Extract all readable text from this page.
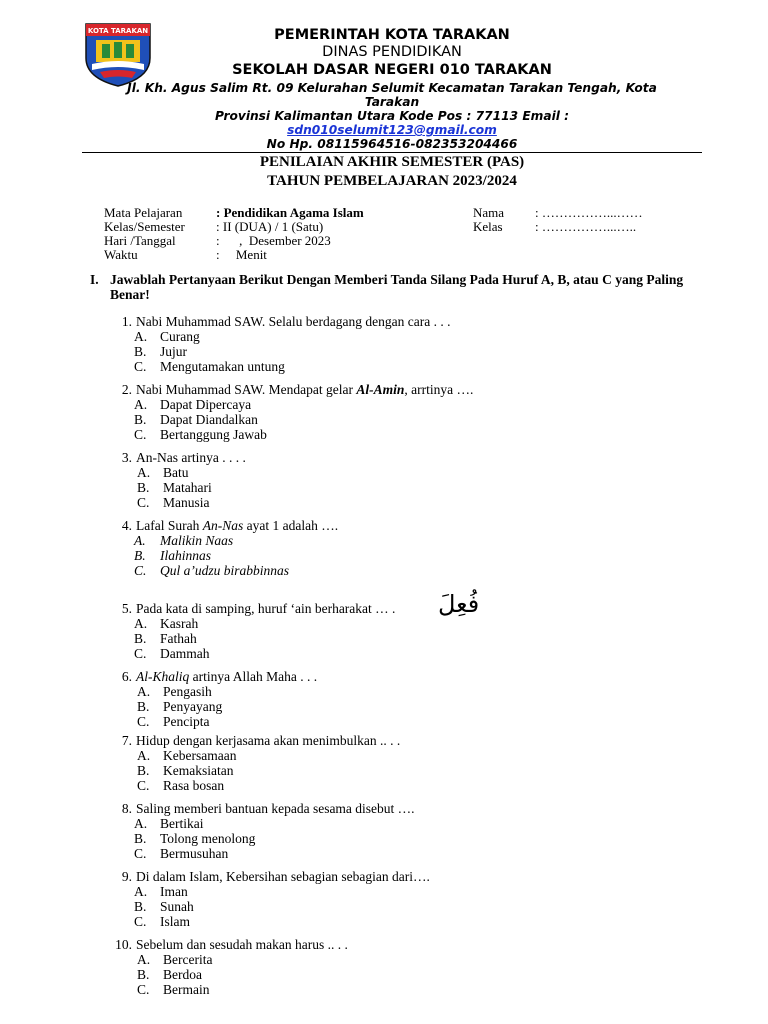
KOTA TARAKAN	PEMERINTAH KOTA TARAKAN
DINAS PENDIDIKAN
SEKOLAH DASAR NEGERI 010 TARAKAN
Jl. Kh. Agus Salim Rt. 09 Kelurahan Selumit Kecamatan Tarakan Tengah, Kota
Tarakan
Provinsi Kalimantan Utara Kode Pos : 77113 Email :
sdn010selumit123@gmail.com
No Hp. 08115964516-082353204466
PENILAIAN AKHIR SEMESTER (PAS)
TAHUN PEMBELAJARAN 2023/2024
Mata Pelajaran	: Pendidikan Agama Islam
Kelas/Semester : II (DUA) / 1 (Satu)
Hari /Tanggal	:      ,  Desember 2023
Waktu	:     Menit
Nama : ……………...……
Kelas : ……………...…..
I. Jawablah Pertanyaan Berikut Dengan Memberi Tanda Silang Pada Huruf A, B, atau C yang Paling Benar!
1. Nabi Muhammad SAW. Selalu berdagang dengan cara . . .
A. Curang
B. Jujur
C. Mengutamakan untung
2. Nabi Muhammad SAW. Mendapat gelar Al-Amin, arrtinya ….
A. Dapat Dipercaya
B. Dapat Diandalkan
C. Bertanggung Jawab
3. An-Nas artinya . . . .
A. Batu
B. Matahari
C. Manusia
4. Lafal Surah An-Nas ayat 1 adalah ….
A. Malikin Naas
B. Ilahinnas
C. Qul a’udzu birabbinnas
5. Pada kata di samping, huruf ‘ain berharakat … .
A. Kasrah
B. Fathah
C. Dammah
6. Al-Khaliq artinya Allah Maha . . .
A. Pengasih
B. Penyayang
C. Pencipta
7. Hidup dengan kerjasama akan menimbulkan .. . .
A. Kebersamaan
B. Kemaksiatan
C. Rasa bosan
8. Saling memberi bantuan kepada sesama disebut ….
A. Bertikai
B. Tolong menolong
C. Bermusuhan
9. Di dalam Islam, Kebersihan sebagian sebagian dari….
A. Iman
B. Sunah
C. Islam
10. Sebelum dan sesudah makan harus .. . .
A. Bercerita
B. Berdoa
C. Bermain
فُعِلَ
